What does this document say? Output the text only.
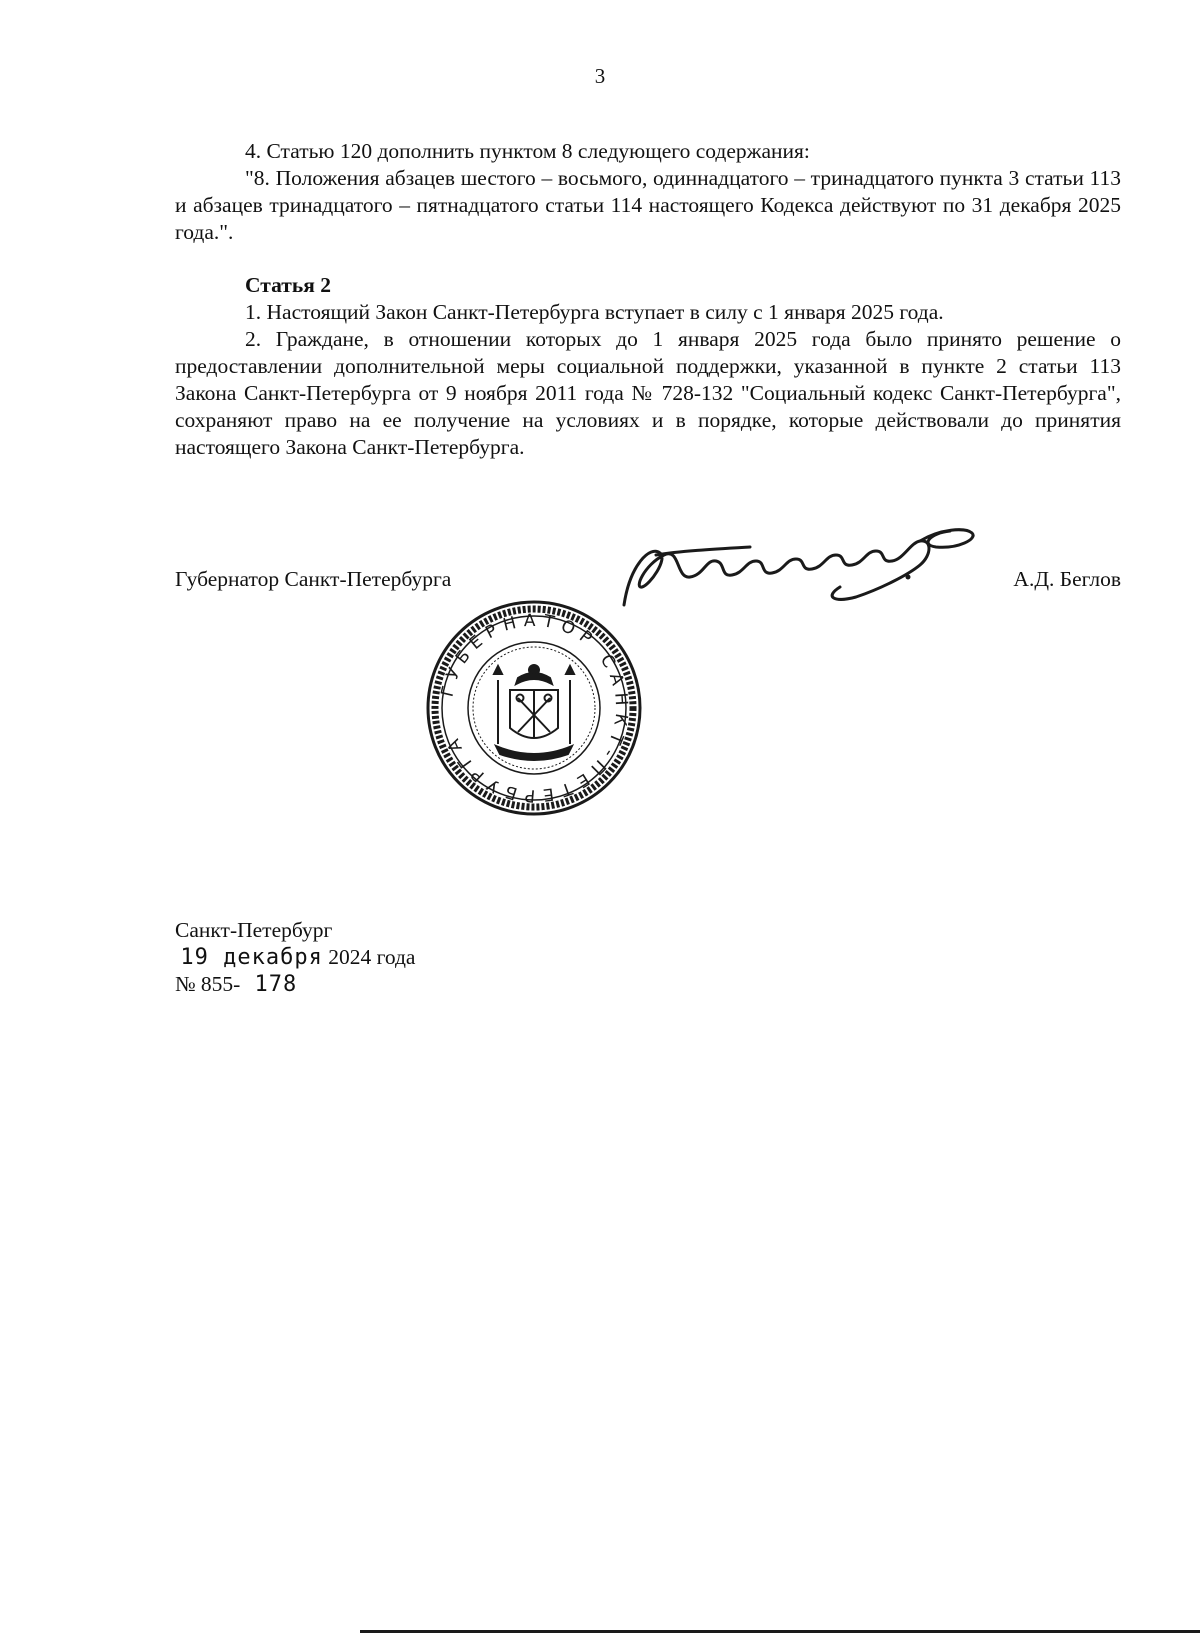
3

4. Статью 120 дополнить пунктом 8 следующего содержания:

"8. Положения абзацев шестого – восьмого, одиннадцатого – тринадцатого пункта 3 статьи 113 и абзацев тринадцатого – пятнадцатого статьи 114 настоящего Кодекса действуют по 31 декабря 2025 года.".

Статья 2

1. Настоящий Закон Санкт-Петербурга вступает в силу с 1 января 2025 года.

2. Граждане, в отношении которых до 1 января 2025 года было принято решение о предоставлении дополнительной меры социальной поддержки, указанной в пункте 2 статьи 113 Закона Санкт-Петербурга от 9 ноября 2011 года № 728-132 "Социальный кодекс Санкт-Петербурга", сохраняют право на ее получение на условиях и в порядке, которые действовали до принятия настоящего Закона Санкт-Петербурга.

Губернатор Санкт-Петербурга	А.Д. Беглов
ГУБЕРНАТОР САНКТ-ПЕТЕРБУРГА
Санкт-Петербург
19 декабря 2024 года
№ 855- 178
